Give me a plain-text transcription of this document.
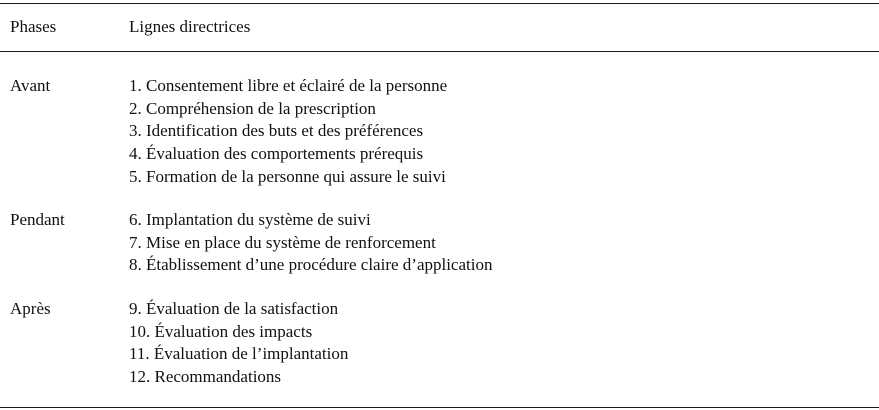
Phases	Lignes directrices
Avant	1. Consentement libre et éclairé de la personne
2. Compréhension de la prescription
3. Identification des buts et des préférences
4. Évaluation des comportements prérequis
5. Formation de la personne qui assure le suivi
Pendant	6. Implantation du système de suivi
7. Mise en place du système de renforcement
8. Établissement d’une procédure claire d’application
Après	9. Évaluation de la satisfaction
10. Évaluation des impacts
11. Évaluation de l’implantation
12. Recommandations
